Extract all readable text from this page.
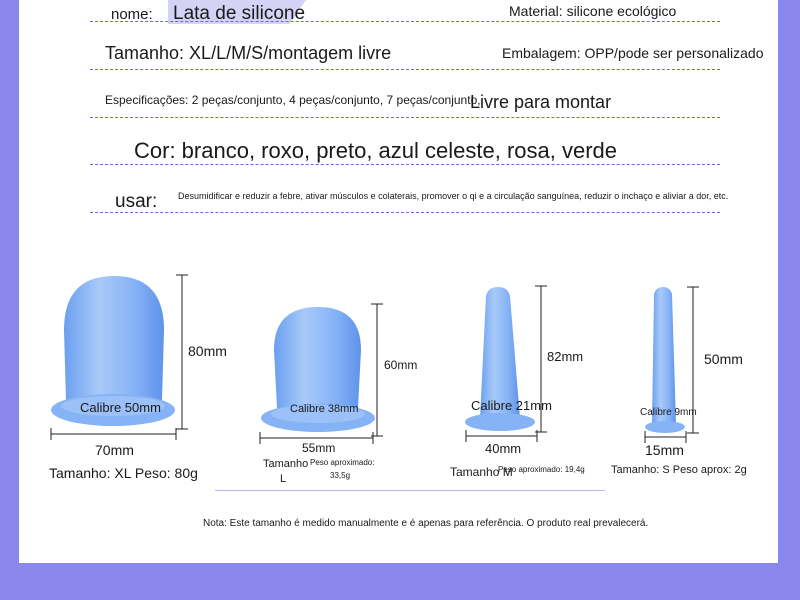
nome: Lata de silicone	Material: silicone ecológico
Tamanho: XL/L/M/S/montagem livre	Embalagem: OPP/pode ser personalizado
Especificações: 2 peças/conjunto, 4 peças/conjunto, 7 peças/conjunto,
Livre para montar
Cor: branco, roxo, preto, azul celeste, rosa, verde
usar: Desumidificar e reduzir a febre, ativar músculos e colaterais, promover o qi e a circulação sanguínea, reduzir o inchaço e aliviar a dor, etc.
Calibre 50mm
80mm
70mm
Tamanho: XL Peso: 80g
Calibre 38mm
60mm
55mm
Tamanho
L
Peso aproximado:
33,5g
Calibre 21mm
82mm
40mm
Tamanho M
Peso aproximado: 19,4g
Calibre 9mm
50mm
15mm
Tamanho: S Peso aprox: 2g
Nota: Este tamanho é medido manualmente e é apenas para referência. O produto real prevalecerá.
